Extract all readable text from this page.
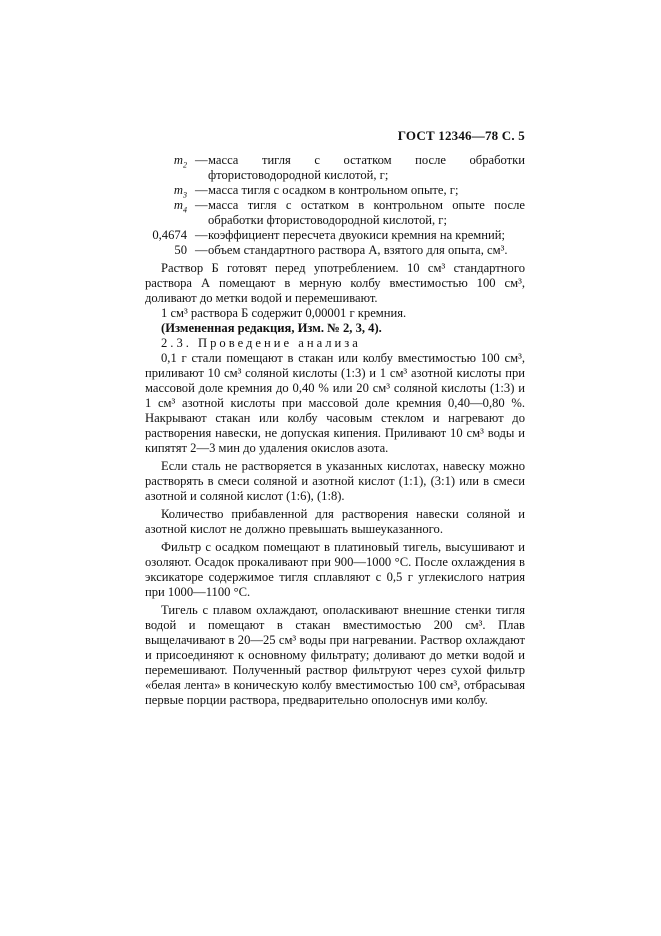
ГОСТ 12346—78 С. 5
$m_2$ — масса тигля с остатком после обработки фтористоводородной кислотой, г;
$m_3$ — масса тигля с осадком в контрольном опыте, г;
$m_4$ — масса тигля с остатком в контрольном опыте после обработки фтористоводородной кислотой, г;
0,4674 — коэффициент пересчета двуокиси кремния на кремний;
50 — объем стандартного раствора А, взятого для опыта, см³.

Раствор Б готовят перед употреблением. 10 см³ стандартного раствора А помещают в мерную колбу вместимостью 100 см³, доливают до метки водой и перемешивают.

1 см³ раствора Б содержит 0,00001 г кремния.

(Измененная редакция, Изм. № 2, 3, 4).

2.3. Проведение анализа

0,1 г стали помещают в стакан или колбу вместимостью 100 см³, приливают 10 см³ соляной кислоты (1:3) и 1 см³ азотной кислоты при массовой доле кремния до 0,40 % или 20 см³ соляной кислоты (1:3) и 1 см³ азотной кислоты при массовой доле кремния 0,40—0,80 %. Накрывают стакан или колбу часовым стеклом и нагревают до растворения навески, не допуская кипения. Приливают 10 см³ воды и кипятят 2—3 мин до удаления окислов азота.

Если сталь не растворяется в указанных кислотах, навеску можно растворять в смеси соляной и азотной кислот (1:1), (3:1) или в смеси азотной и соляной кислот (1:6), (1:8).

Количество прибавленной для растворения навески соляной и азотной кислот не должно превышать вышеуказанного.

Фильтр с осадком помещают в платиновый тигель, высушивают и озоляют. Осадок прокаливают при 900—1000 °С. После охлаждения в эксикаторе содержимое тигля сплавляют с 0,5 г углекислого натрия при 1000—1100 °С.

Тигель с плавом охлаждают, ополаскивают внешние стенки тигля водой и помещают в стакан вместимостью 200 см³. Плав выщелачивают в 20—25 см³ воды при нагревании. Раствор охлаждают и присоединяют к основному фильтрату; доливают до метки водой и перемешивают. Полученный раствор фильтруют через сухой фильтр «белая лента» в коническую колбу вместимостью 100 см³, отбрасывая первые порции раствора, предварительно ополоснув ими колбу.
